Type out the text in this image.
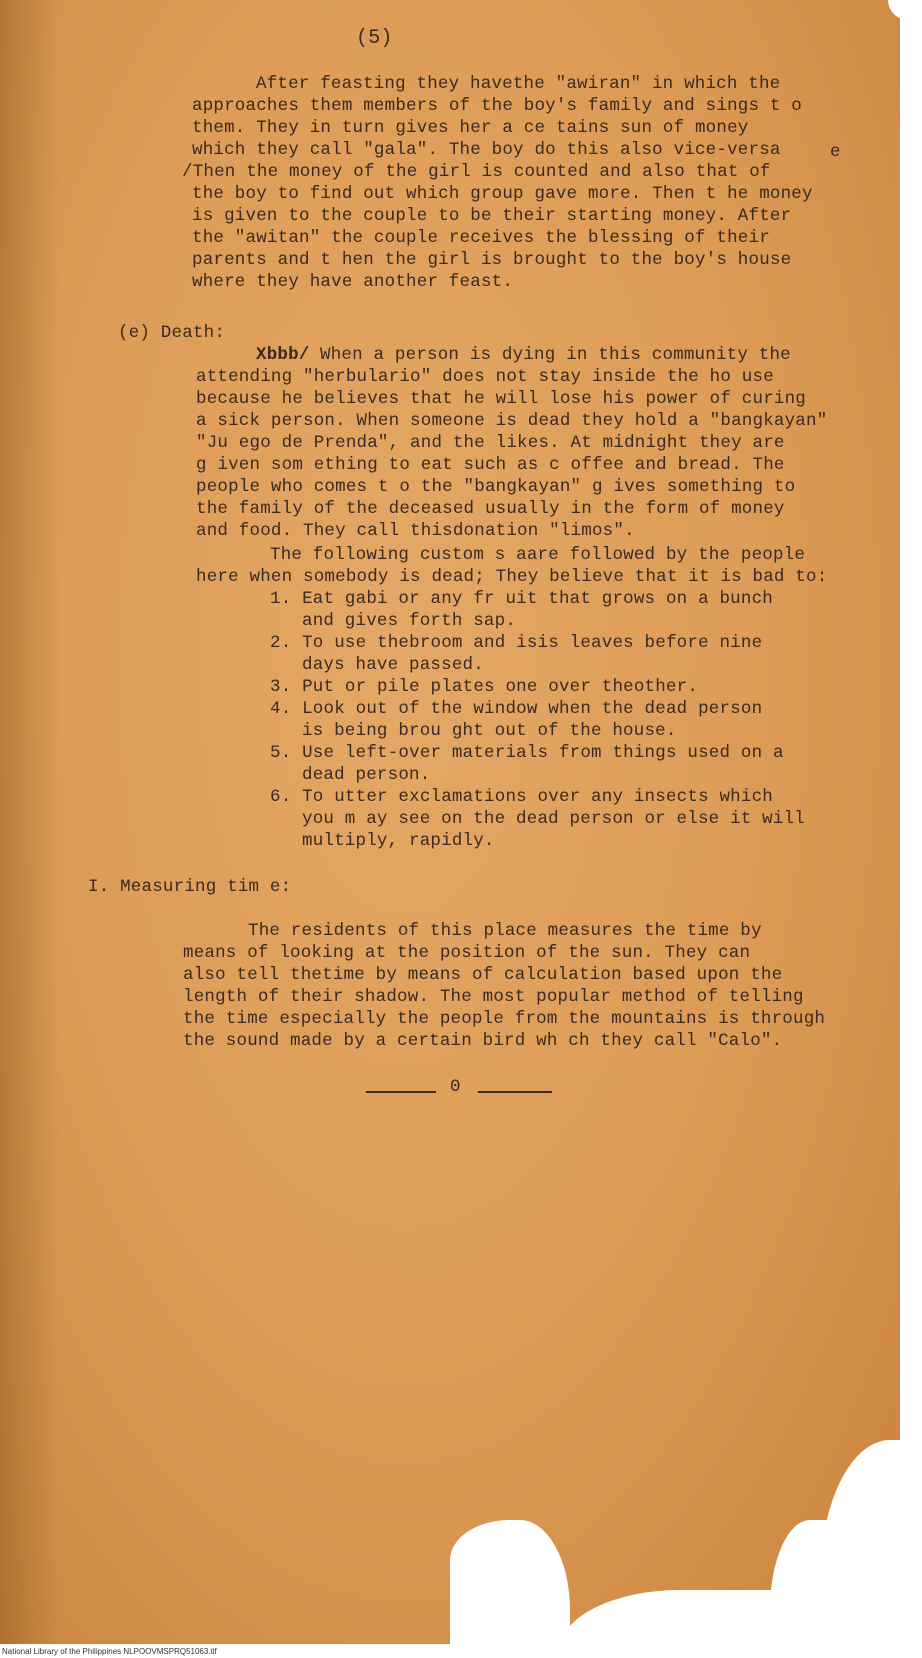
(5)
After feasting they havethe "awiran" in which the
approaches them members of the boy's family and sings t o
them. They in turn gives her a ce tains sun of money
which they call "gala". The boy do this also vice-versa	e
/Then the money of the girl is counted and also that of
the boy to find out which group gave more. Then t he money
is given to the couple to be their starting money. After
the "awitan" the couple receives the blessing of their
parents and t hen the girl is brought to the boy's house
where they have another feast.
(e) Death:
Xbbb/ When a person is dying in this community the
attending "herbulario" does not stay inside the ho use
because he believes that he will lose his power of curing
a sick person. When someone is dead they hold a "bangkayan"
"Ju ego de Prenda", and the likes. At midnight they are
g iven som ething to eat such as c offee and bread. The
people who comes t o the "bangkayan" g ives something to
the family of the deceased usually in the form of money
and food. They call thisdonation "limos".
The following custom s aare followed by the people
here when somebody is dead; They believe that it is bad to:
1. Eat gabi or any fr uit that grows on a bunch
and gives forth sap.
2. To use thebroom and isis leaves before nine
days have passed.
3. Put or pile plates one over theother.
4. Look out of the window when the dead person
is being brou ght out of the house.
5. Use left-over materials from things used on a
dead person.
6. To utter exclamations over any insects which
you m ay see on the dead person or else it will
multiply, rapidly.
I. Measuring tim e:
The residents of this place measures the time by
means of looking at the position of the sun. They can
also tell thetime by means of calculation based upon the
length of their shadow. The most popular method of telling
the time especially the people from the mountains is through
the sound made by a certain bird wh ch they call "Calo".
0
National Library of the Philippines NLPOOVMSPRQ51063.tif
